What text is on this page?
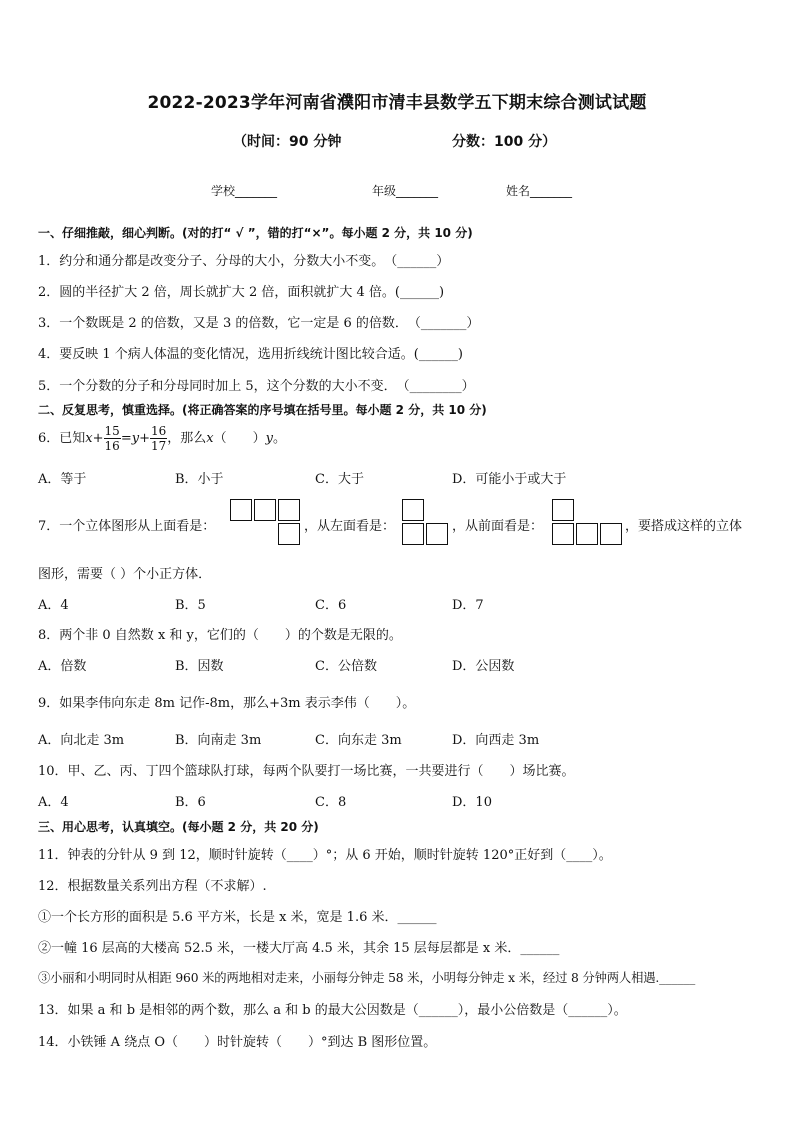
2022-2023学年河南省濮阳市清丰县数学五下期末综合测试试题
（时间：90 分钟	分数：100 分）
学校_______	年级_______	姓名_______
一、仔细推敲，细心判断。(对的打“ √ ”，错的打“×”。每小题 2 分，共 10 分)
1．约分和通分都是改变分子、分母的大小，分数大小不变。　（______）
2．圆的半径扩大 2 倍，周长就扩大 2 倍，面积就扩大 4 倍。(______)
3．一个数既是 2 的倍数，又是 3 的倍数，它一定是 6 的倍数．　（_______）
4．要反映 1 个病人体温的变化情况，选用折线统计图比较合适。(______)
5．一个分数的分子和分母同时加上 5，这个分数的大小不变．　（________）
二、反复思考，慎重选择。(将正确答案的序号填在括号里。每小题 2 分，共 10 分)
6．已知$x+ \frac{15}{16} =y+ \frac{16}{17}$ ，那么x（　　）y。
A．等于	B．小于	C．大于	D．可能小于或大于
7．一个立体图形从上面看是：	，从左面看是：	，从前面看是：	，要搭成这样的立体
图形，需要（ ）个小正方体．
A．4	B．5	C．6	D．7
8．两个非 0 自然数 x 和 y，它们的（　　）的个数是无限的。
A．倍数	B．因数	C．公倍数	D．公因数
9．如果李伟向东走 8m 记作-8m，那么+3m 表示李伟（　　）。
A．向北走 3m	B．向南走 3m	C．向东走 3m	D．向西走 3m
10．甲、乙、丙、丁四个篮球队打球，每两个队要打一场比赛，一共要进行（　　）场比赛。
A．4	B．6	C．8	D．10
三、用心思考，认真填空。(每小题 2 分，共 20 分)
11．钟表的分针从 9 到 12，顺时针旋转（____）°；从 6 开始，顺时针旋转 120°正好到（____）。
12．根据数量关系列出方程（不求解）.
①一个长方形的面积是 5.6 平方米，长是 x 米，宽是 1.6 米．______
②一幢 16 层高的大楼高 52.5 米，一楼大厅高 4.5 米，其余 15 层每层都是 x 米．______
③小丽和小明同时从相距 960 米的两地相对走来，小丽每分钟走 58 米，小明每分钟走 x 米，经过 8 分钟两人相遇.______
13．如果 a 和 b 是相邻的两个数，那么 a 和 b 的最大公因数是（______），最小公倍数是（______）。
14．小铁锤 A 绕点 O（　　）时针旋转（　　）°到达 B 图形位置。
